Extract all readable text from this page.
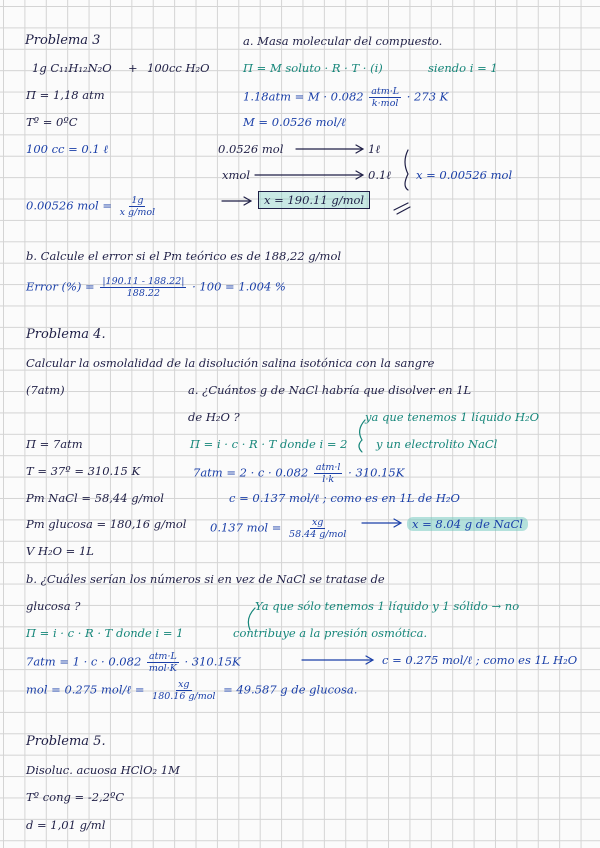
Problema 3
1g C₁₁H₁₂N₂O + 100cc H₂O
Π = 1,18 atm
Tº = 0ºC
100 cc = 0.1 ℓ
0.00526 mol = $\frac{1g}{\text{x g/mol}}$	x = 190.11 g/mol
a. Masa molecular del compuesto.
Π = M soluto · R · T · (i)	siendo i = 1
$1.18atm = M \cdot 0.082 \frac{\text{atm·L}}{\text{k·mol}} \cdot 273$ K
M = 0.0526 mol/ℓ
0.0526 mol	1ℓ
xmol	0.1ℓ x = 0.00526 mol
b. Calcule el error si el Pm teórico es de 188,22 g/mol
Error (%) = $\frac{|190.11 - 188.22|}{188.22} \cdot 100 = 1.004$ %
Problema 4.
Calcular la osmolalidad de la disolución salina isotónica con la sangre
(7atm)	a. ¿Cuántos g de NaCl habría que disolver en 1L
de H₂O ?	ya que tenemos 1 líquido H₂O
Π = 7atm
T = 37º = 310.15 K
Pm NaCl = 58,44 g/mol
Pm glucosa = 180,16 g/mol
V H₂O = 1L
Π = i · c · R · T donde i = 2 y un electrolito NaCl
$7atm = 2 \cdot c \cdot 0.082 \frac{\text{atm·l}}{l\cdot k} \cdot 310.15K$
c = 0.137 mol/ℓ ; como es en 1L de H₂O
0.137 mol = $\frac{xg}{\text{58.44 g/mol}}$	x = 8.04 g de NaCl
b. ¿Cuáles serían los números si en vez de NaCl se tratase de
glucosa ?	Ya que sólo tenemos 1 líquido y 1 sólido → no
Π = i · c · R · T donde i = 1	contribuye a la presión osmótica.
$7atm = 1 \cdot c \cdot 0.082 \frac{\text{atm·L}}{\text{mol·K}} \cdot 310.15K$	c = 0.275 mol/ℓ ; como es 1L H₂O
mol = 0.275 mol/ℓ = $\frac{xg}{\text{180.16 g/mol}} = 49.587$ g de glucosa.
Problema 5.
Disoluc. acuosa HClO₂ 1M
Tº cong = -2,2ºC
d = 1,01 g/ml
